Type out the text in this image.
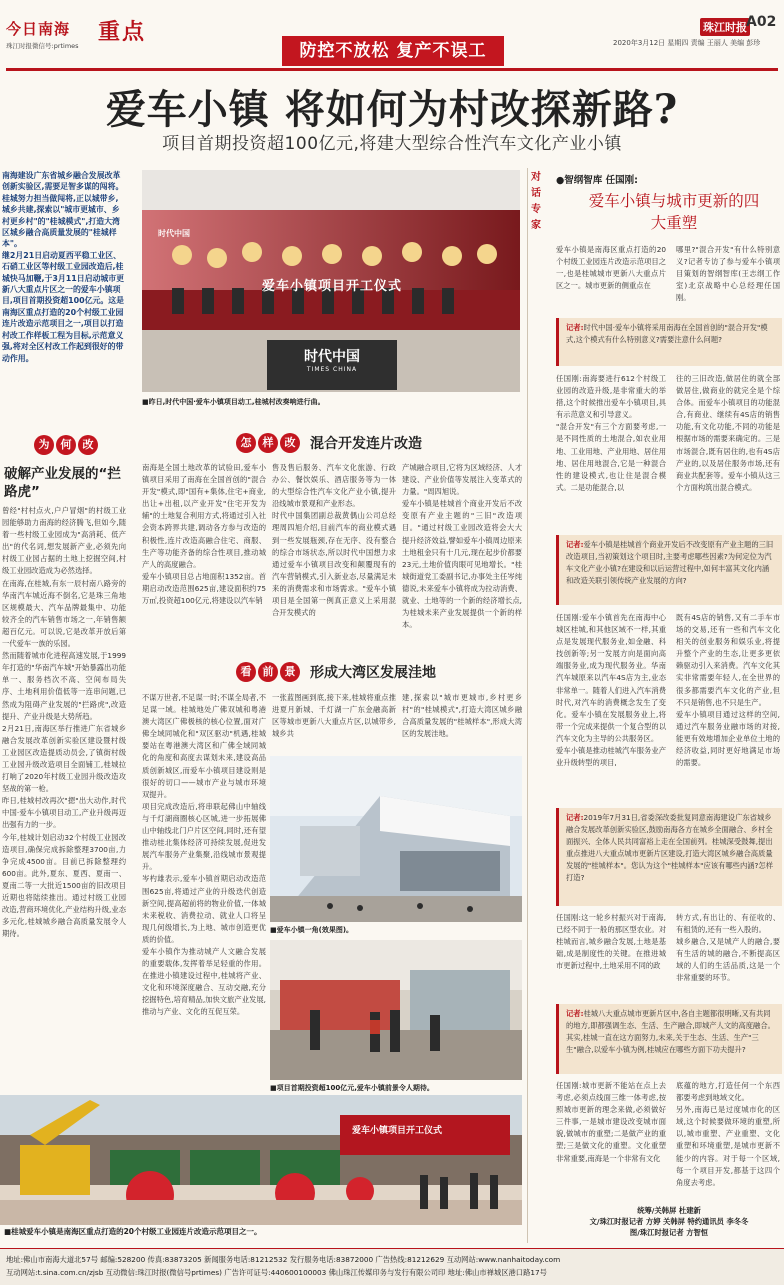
今日南海
珠江时报微信号:prtimes
重点
防控不放松 复产不误工
珠江时报 A02
2020年3月12日 星期四 责编 王丽人 美编 彭珍
爱车小镇 将如何为村改探新路?
项目首期投资超100亿元,将建大型综合性汽车文化产业小镇
南海建设广东省城乡融合发展改革创新实验区,需要足智多谋的闯将。桂城努力担当做闯将,正以城带乡,城乡共建,探索以"城市更城市、乡村更乡村"的"桂城模式",打造大湾区城乡融合高质量发展的"桂城样本"。
继2月21日启动夏西平稳工业区、石硝工业区等村级工业园改造后,桂城快马加鞭,于3月11日启动城市更新八大重点片区之一的爱车小镇项目,项目首期投资超100亿元。这是南海区重点打造的20个村级工业园连片改造示范项目之一,项目以打造村改工作样板工程为目标,示范意义强,将对全区村改工作起到很好的带动作用。
时代中国
爱车小镇项目开工仪式
时代中国
TIMES CHINA
■昨日,时代中国·爱车小镇项目动工,桂城村改奏响进行曲。
为 何 改
破解产业发展的“拦路虎”
曾经"村村点火,户户冒烟"的村级工业园能够助力南海的经济腾飞,但如今,随着一些村级工业园成为"高消耗、低产出"的代名词,想发展新产业,必须先向村级工业园占据的土地上挖掘空间,村级工业园改造成为必然选择。
在南海,在桂城,有东一辰村南八路旁的华南汽车城近海不倒名,它是珠三角地区规模最大、汽车品牌最集中、功能较齐全的汽车销售市场之一,年销售额超百亿元。可以说,它是改革开放后第一代爱车一族的乐园。
然而随着城市化进程高速发展,于1999年打造的"华南汽车城"开始暴露出功能单一、服务档次不高、空间布局失序、土地利用价值低等一连串问题,已然成为阻碍产业发展的"拦路虎",改造提升、产业升级是大势所趋。
2月21日,南海区举行推进广东省城乡融合发展改革创新实验区建设暨村级工业园区改造提质动员会,了镇街村级工业园升级改造项目全面铺工,桂城拉打响了2020年村级工业园升级改造攻坚战的第一枪。
昨日,桂城村改再次"摁"出大动作,时代中国·爱车小镇项目动工,产业升级再迈出强有力的一步。
今年,桂城计划启动32个村级工业园改造项目,确保完成拆除整理3700亩,力争完成4500亩。目前已拆除整理约600亩。此外,夏东、夏西、夏南一、夏南二等一大批近1500亩的旧改项目近期也将陆续推出。通过村级工业园改造,营商环境优化,产业结构升级,业态多元化,桂城城乡融合高质量发展令人期待。
怎	样	改	混合开发连片改造
南海是全国土地改革的试验田,爱车小镇项目采用了南海在全国首创的"混合开发"模式,即"国有+集体,住宅+商业,出让+出租,以产业开发"住宅开发为辅"的土地复合利用方式,将通过引入社会资本跨界共建,调动各方参与改造的积极性,连片改造高融合住宅、商服、生产等功能齐备的综合性项目,推动城产人的高度融合。
爱车小镇项目总占地面积1352亩。首期启动改造范围625亩,建设面积约75万㎡,投资超100亿元,将建设以汽车销
售及售后服务、汽车文化旅游、行政办公、餐饮娱乐、酒店服务等为一体的大型综合性汽车文化产业小镇,提升沿线城市景观和产业形态。
时代中国集团副总裁黄偶山公司总经理周四旭介绍,目前汽车的商业模式遇到一些发展瓶颈,存在无序、没有整合的综合市场状态,所以时代中国想力求通过爱车小镇项目改变和颠覆现有的汽车营销模式,引入新业态,尽量满足未来的消费需求和市场需求。"爱车小镇项目是全国第一例真正意义上采用混合开发模式的
产城融合项目,它将为区域经济、人才建设、产业价值等发展注入变革式的力量。"周四旭说。
爱车小镇是桂城首个商业开发后不改变原有产业主题的"三旧"改造项目。"通过村级工业园改造将会大大提升经济效益,譬如爱车小镇周边原来土地租金只有十几元,现在起步价都要23元,土地价值肉眼可见地增长。"桂城街道党工委副书记,办事处主任岑纯德说,未来爱车小镇将成为拉动消费、就业、土地等的一个新的经济增长点,为桂城未来产业发展提供一个新的样本。
看	前	景	形成大湾区发展洼地
不谋万世者,不足谋一时;不谋全局者,不足谋一域。桂城地处广佛双城和粤港澳大湾区广佛极核的核心位置,面对广佛全域同城化和"双区驱动"机遇,桂城要站在粤港澳大湾区和广佛全域同城化的角度和高度去谋划未来,建设高品质创新城区,而爱车小镇项目建设则是很好的切口——城市产业与城市环境双提升。
项目完成改造后,将串联起佛山中轴线与千灯湖商圈核心区城,进一步拓展佛山中轴线北门户片区空间,同时,还有望推动桂北集体经济可持续发展,促进发展汽车服务产业集聚,沿线城市景观提升。
岑杓雄表示,爱车小镇首期启动改造范围625亩,将通过产业的升级迭代创造新空间,提高超前将的物业价值,一体城未来税收、消费拉动、就业人口将呈现几何级增长,为上地、城市创造更优质的价值。
爱车小镇作为推动城产人文融合发展的重要载体,发挥着举足轻重的作用。在推进小镇建设过程中,桂城将产业、文化和环境深度融合、互动交融,充分挖掘特色,培育精品,加快文旅产业发展,推动与产业、文化的互促互荣。
一张蓝图画到底,接下来,桂城将重点推进夏月新城、千灯湖一广东金融高新区等城市更新八大重点片区,以城带乡,城乡共
建,探索以"城市更城市,乡村更乡村"的"桂城模式",打造大湾区城乡融合高质量发展的"桂城样本",形成大湾区的发展洼地。
■爱车小镇一角(效果图)。
■项目首期投资超100亿元,爱车小镇前景令人期待。
爱车小镇项目开工仪式
■桂城爱车小镇是南海区重点打造的20个村级工业园连片改造示范项目之一。
对
话
专
家
●智纲智库 任国刚:
爱车小镇与城市更新的四大重塑
爱车小镇是南海区重点打造的20个村级工业园连片改造示范项目之一,也是桂城城市更新八大重点片区之一。城市更新的侧重点在
哪里?"混合开发"有什么特别意义?记者专访了参与爱车小镇项目策划的智纲智库(王志纲工作室)北京战略中心总经理任国刚。
记者:时代中国·爱车小镇将采用南海在全国首创的"混合开发"模式,这个模式有什么特别意义?需要注意什么问题?
任国刚:南海要进行612个村级工业园的改造升级,是非常重大的举措,这个时候推出爱车小镇项目,具有示范意义和引导意义。
"混合开发"有三个方面要考虑,一是不同性质的土地混合,如农业用地、工业用地、产业用地、居住用地、居住用地混合,它是一种混合性的建设模式,也让住是混合模式。二是功能混合,以
往的三旧改造,做居住的就全部做居住,做商业的就完全是个综合体。而爱车小镇项目的功能混合,有商业、继续有4S店的销售功能,有文化功能,不同的功能是根据市场的需要来确定的。三是市场混合,既有居住的,也有4S店产业的,以及居住服务市场,还有商业共配套等。爱车小镇从这三个方面构筑出混合模式。
记者:爱车小镇是桂城首个商业开发后不改变原有产业主题的三旧改造项目,当初策划这个项目时,主要考虑哪些因素?为何定位为汽车文化产业小镇?在建设和以后运营过程中,如何丰富其文化内涵和改造关联引领传统产业发展的方向?
任国刚:爱车小镇首先在南海中心城区桂城,和其他区域不一样,其重点是发展现代服务业,如金融、科技创新等;另一发展方向是面向高端服务业,成为现代服务业。华南汽车城原来以汽车4S店为主,业态非常单一。随着人们进入汽车消费时代,对汽车的消费概念发生了变化。爱车小镇在发展服务业上,将带一个完成来提供一个复合型的以汽车文化为主导的公共服务区。
爱车小镇是推动桂城汽车服务业产业升级转型的项目,
既有4S店的销售,又有二手车市场的交易,还有一些和汽车文化相关的创业服务和娱乐业,将提升整个产业的生态,让更多更依赖驱动引入来消费。汽车文化其实非常需要年轻人,在全世界的很多都需要汽车文化的产业,但不只是销售,也不只是生产。
爱车小镇项目通过这样的空间,通过汽车服务业融市场的对接,能更有效地增加企业单位土地的经济收益,同时更好地满足市场的需要。
记者:2019年7月31日,省委深改委批复同意南海建设广东省城乡融合发展改革创新实验区,鼓励南海各方在城乡全面融合、乡村全面振兴、全体人民共同富裕上走在全国前列。桂城深受鼓舞,提出重点推进八大重点城市更新片区建设,打造大湾区城乡融合高质量发展的"桂城样本"。您认为这个"桂城样本"应该有哪些内涵?怎样打造?
任国刚:这一轮乡村振兴对于南海,已经不同于一般的那区型农业。对桂城而言,城乡融合发展,土地是基础,成是制度性的关键。在推进城市更新过程中,土地采用不同的政
转方式,有出让的、有征收的、有租赁的,还有一些入股的。
城乡融合,又是城产人的融合,要有生活的城的融合,不断提高区域的人们的生活品质,这是一个非常重要的环节。
记者:桂城八大重点城市更新片区中,各自主题都很明晰,又有共同的地方,即都强调生态、生活、生产融合,即城产人文的高度融合。其实,桂城一直在这方面努力,未来,关于生态、生活、生产"三生"融合,以爱车小镇为例,桂城应在哪些方面下功夫提升?
任国刚:城市更新不能站在点上去考虑,必须点线面三维一体考虑,按照城市更新的理念来做,必须做好三件事,一是城市建设改变城市面貌,做城市的重塑;二是做产业的重塑;三是做文化的重塑。文化重塑非常重要,南海是一个非常有文化
底蕴的地方,打造任何一个东西都要考虑到地域文化。
另外,南海已是过度城市化的区域,这个时候要做环境的重塑,所以,城市重塑、产业重塑、文化重塑和环境重塑,是城市更新不能少的内容。对于每一个区域,每一个项目开发,都基于这四个角度去考虑。
统筹/关韩屏 杜建新
文/珠江时报记者 方婷 关韩屏 特约通讯员 李冬冬
图/珠江时报记者 方智恒
地址:佛山市南海大道北57号 邮编:528200 传真:83873205 新闻服务电话:81212532 发行服务电话:83872000 广告热线:81212629 互动网站:www.nanhaitoday.com
互动网站:t.sina.com.cn/zjsb 互动微信:珠江时报(微信号prtimes) 广告许可证号:440600100003 佛山珠江传媒印务与发行有限公司印 地址:佛山市禅城区港口路17号
